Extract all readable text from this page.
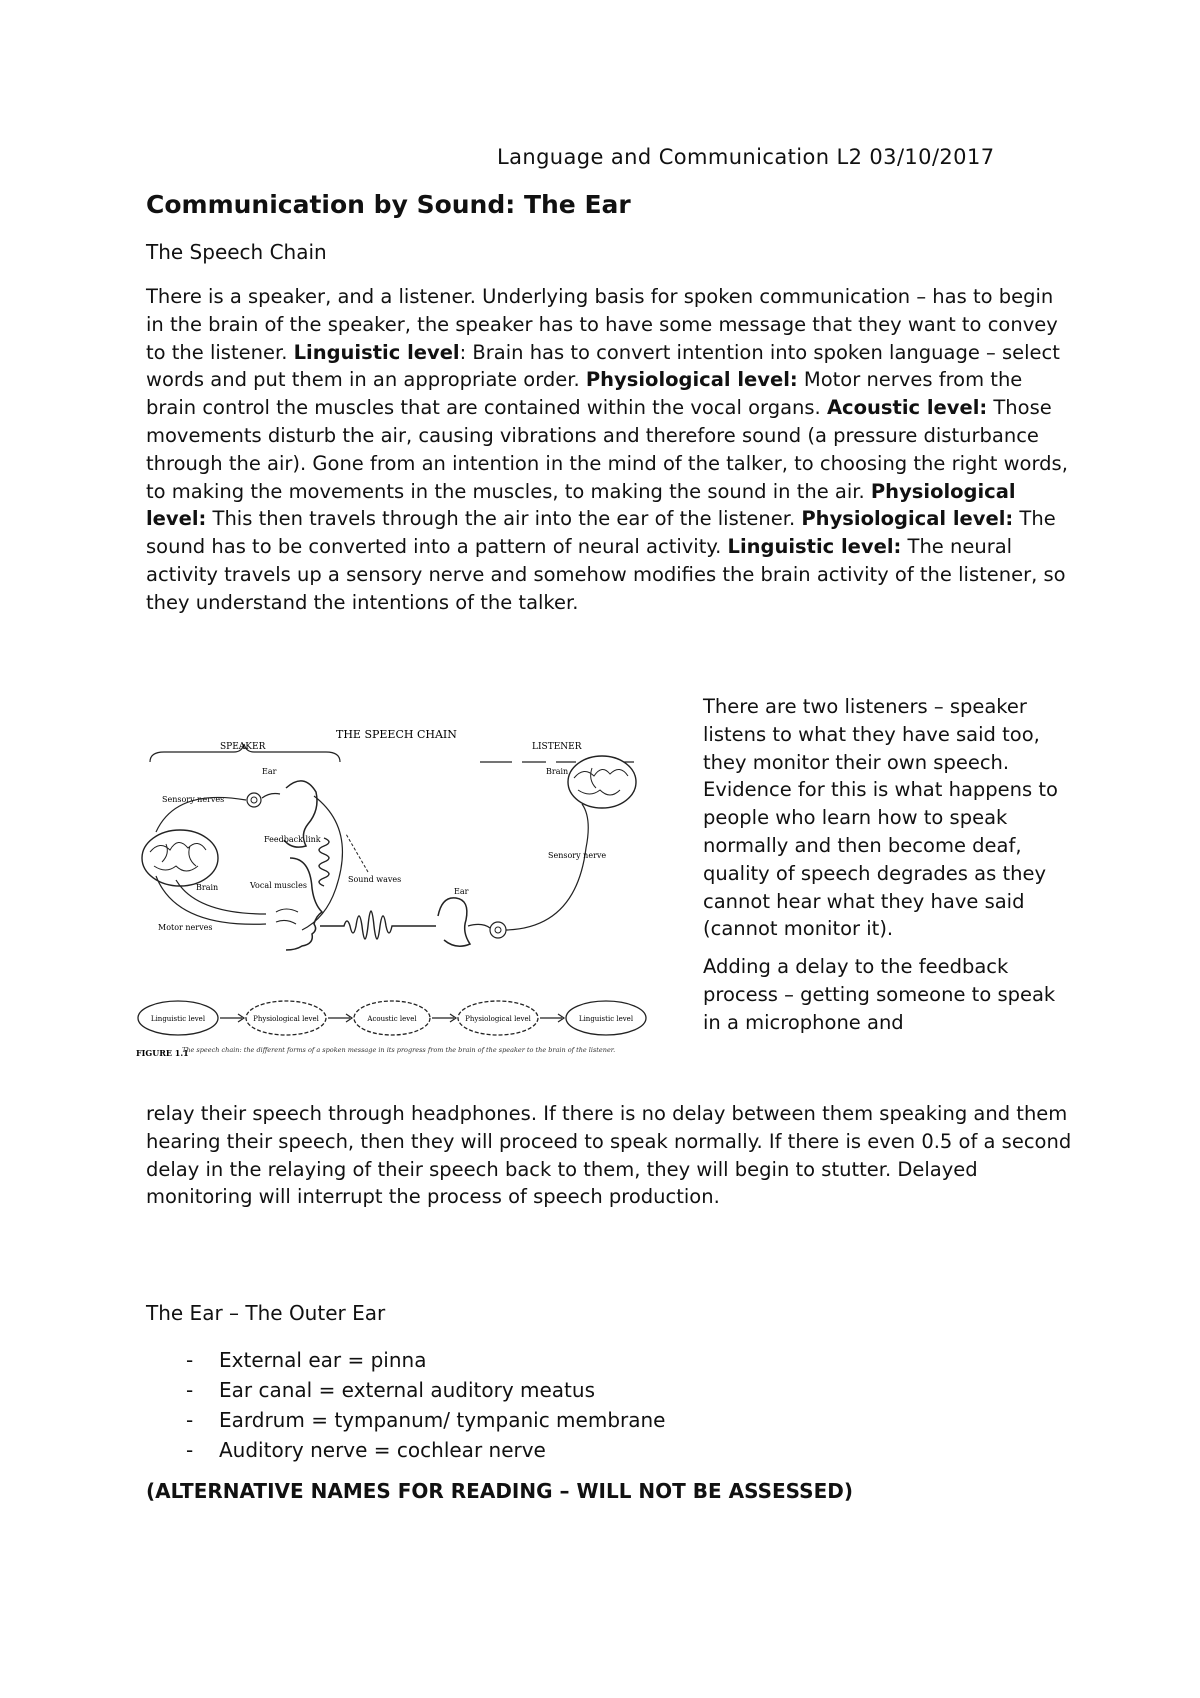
Language and Communication L2 03/10/2017
Communication by Sound: The Ear
The Speech Chain

There is a speaker, and a listener. Underlying basis for spoken communication – has to begin in the brain of the speaker, the speaker has to have some message that they want to convey to the listener. Linguistic level: Brain has to convert intention into spoken language – select words and put them in an appropriate order. Physiological level: Motor nerves from the brain control the muscles that are contained within the vocal organs. Acoustic level: Those movements disturb the air, causing vibrations and therefore sound (a pressure disturbance through the air). Gone from an intention in the mind of the talker, to choosing the right words, to making the movements in the muscles, to making the sound in the air. Physiological level: This then travels through the air into the ear of the listener. Physiological level: The sound has to be converted into a pattern of neural activity. Linguistic level: The neural activity travels up a sensory nerve and somehow modifies the brain activity of the listener, so they understand the intentions of the talker.

THE SPEECH CHAIN
SPEAKER	LISTENER
Brain
Ear
Sensory nerves
Feedback link
Vocal muscles
Sound waves
Motor nerves
Ear
Sensory nerve
Brain
Linguistic level	Physiological level	Acoustic level	Physiological level	Linguistic level
FIGURE 1.1
The speech chain: the different forms of a spoken message in its progress from the brain of the speaker to the brain of the listener.

There are two listeners – speaker listens to what they have said too, they monitor their own speech. Evidence for this is what happens to people who learn how to speak normally and then become deaf, quality of speech degrades as they cannot hear what they have said (cannot monitor it).

Adding a delay to the feedback process – getting someone to speak in a microphone and

relay their speech through headphones. If there is no delay between them speaking and them hearing their speech, then they will proceed to speak normally. If there is even 0.5 of a second delay in the relaying of their speech back to them, they will begin to stutter. Delayed monitoring will interrupt the process of speech production.

The Ear – The Outer Ear
- External ear = pinna
- Ear canal = external auditory meatus
- Eardrum = tympanum/ tympanic membrane
- Auditory nerve = cochlear nerve

(ALTERNATIVE NAMES FOR READING – WILL NOT BE ASSESSED)
